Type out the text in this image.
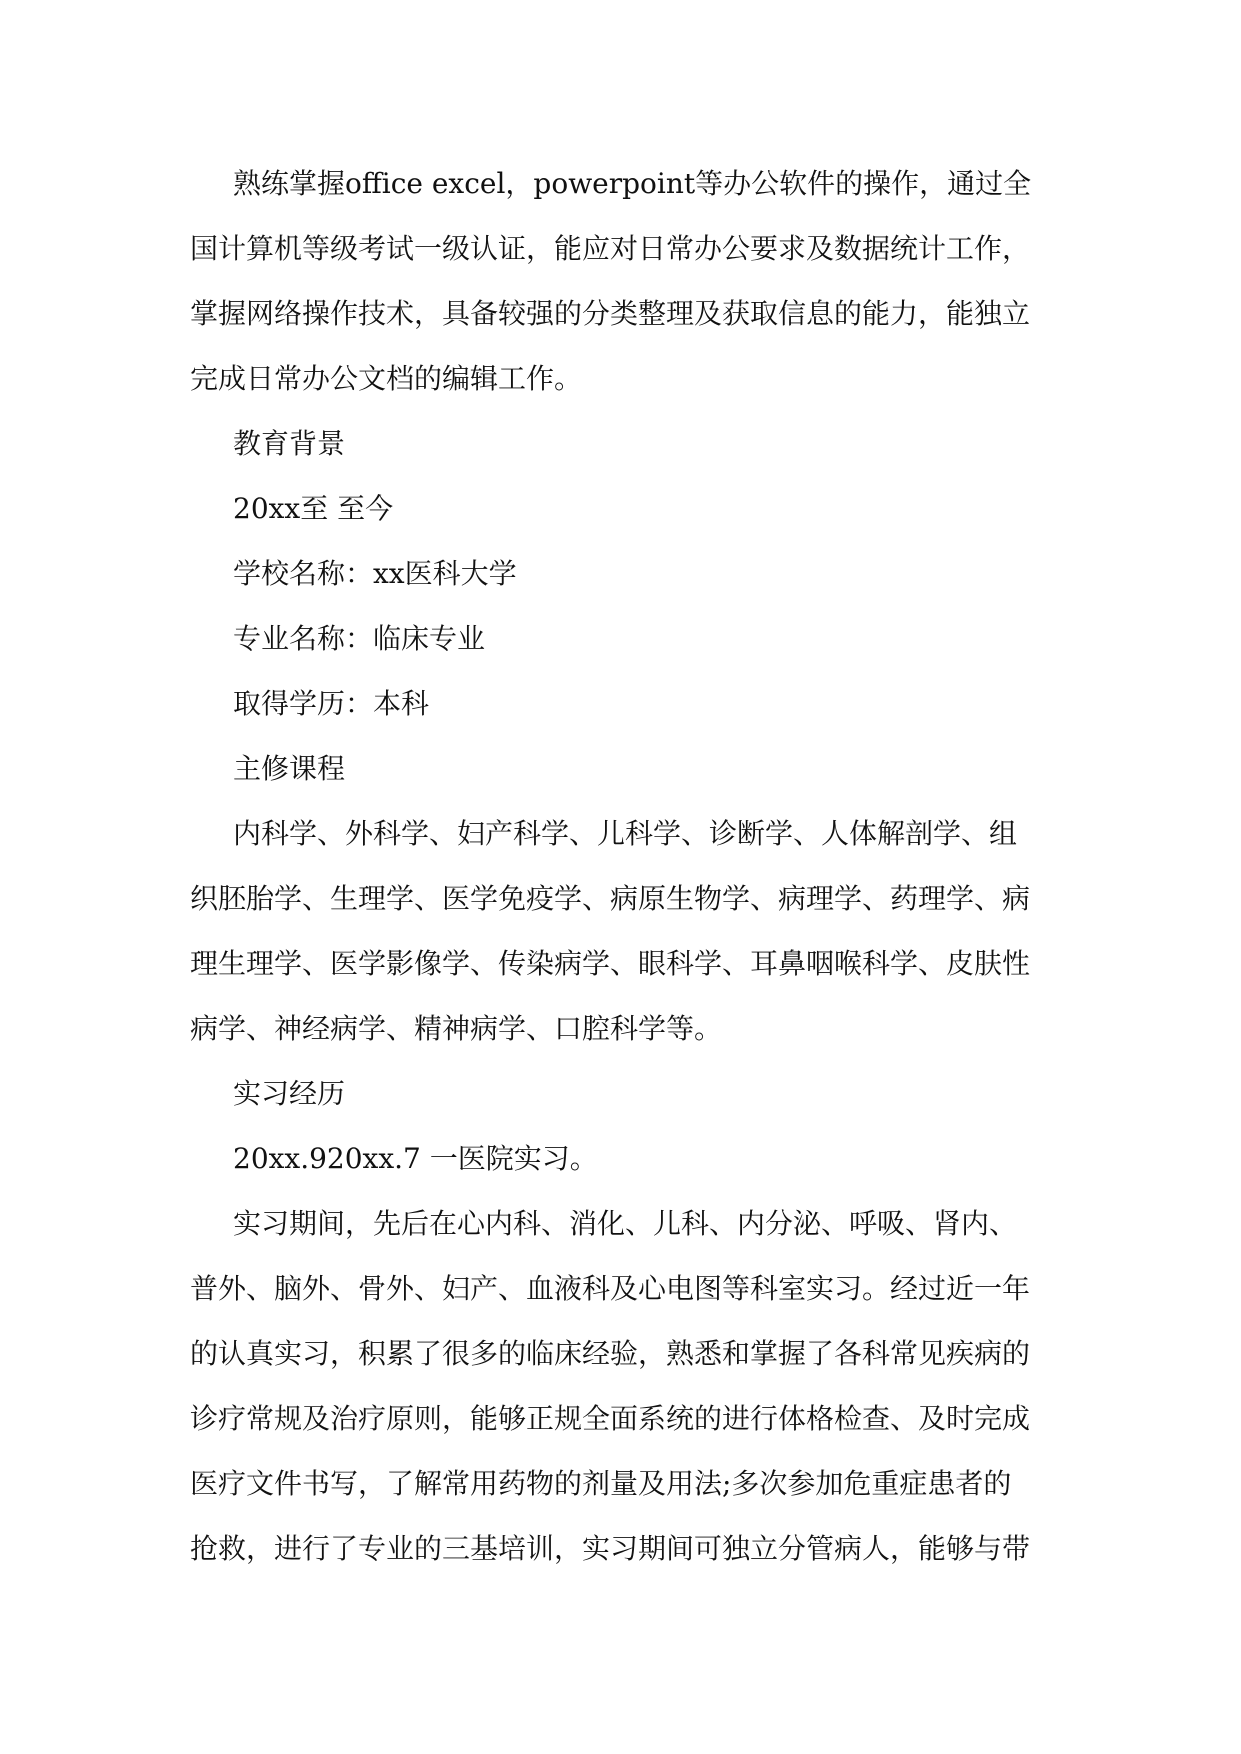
熟练掌握office excel，powerpoint等办公软件的操作，通过全
国计算机等级考试一级认证，能应对日常办公要求及数据统计工作，
掌握网络操作技术，具备较强的分类整理及获取信息的能力，能独立
完成日常办公文档的编辑工作。
教育背景
20xx至 至今
学校名称：xx医科大学
专业名称：临床专业
取得学历：本科
主修课程
内科学、外科学、妇产科学、儿科学、诊断学、人体解剖学、组
织胚胎学、生理学、医学免疫学、病原生物学、病理学、药理学、病
理生理学、医学影像学、传染病学、眼科学、耳鼻咽喉科学、皮肤性
病学、神经病学、精神病学、口腔科学等。
实习经历
20xx.920xx.7 一医院实习。
实习期间，先后在心内科、消化、儿科、内分泌、呼吸、肾内、
普外、脑外、骨外、妇产、血液科及心电图等科室实习。经过近一年
的认真实习，积累了很多的临床经验，熟悉和掌握了各科常见疾病的
诊疗常规及治疗原则，能够正规全面系统的进行体格检查、及时完成
医疗文件书写，了解常用药物的剂量及用法;多次参加危重症患者的
抢救，进行了专业的三基培训，实习期间可独立分管病人，能够与带
